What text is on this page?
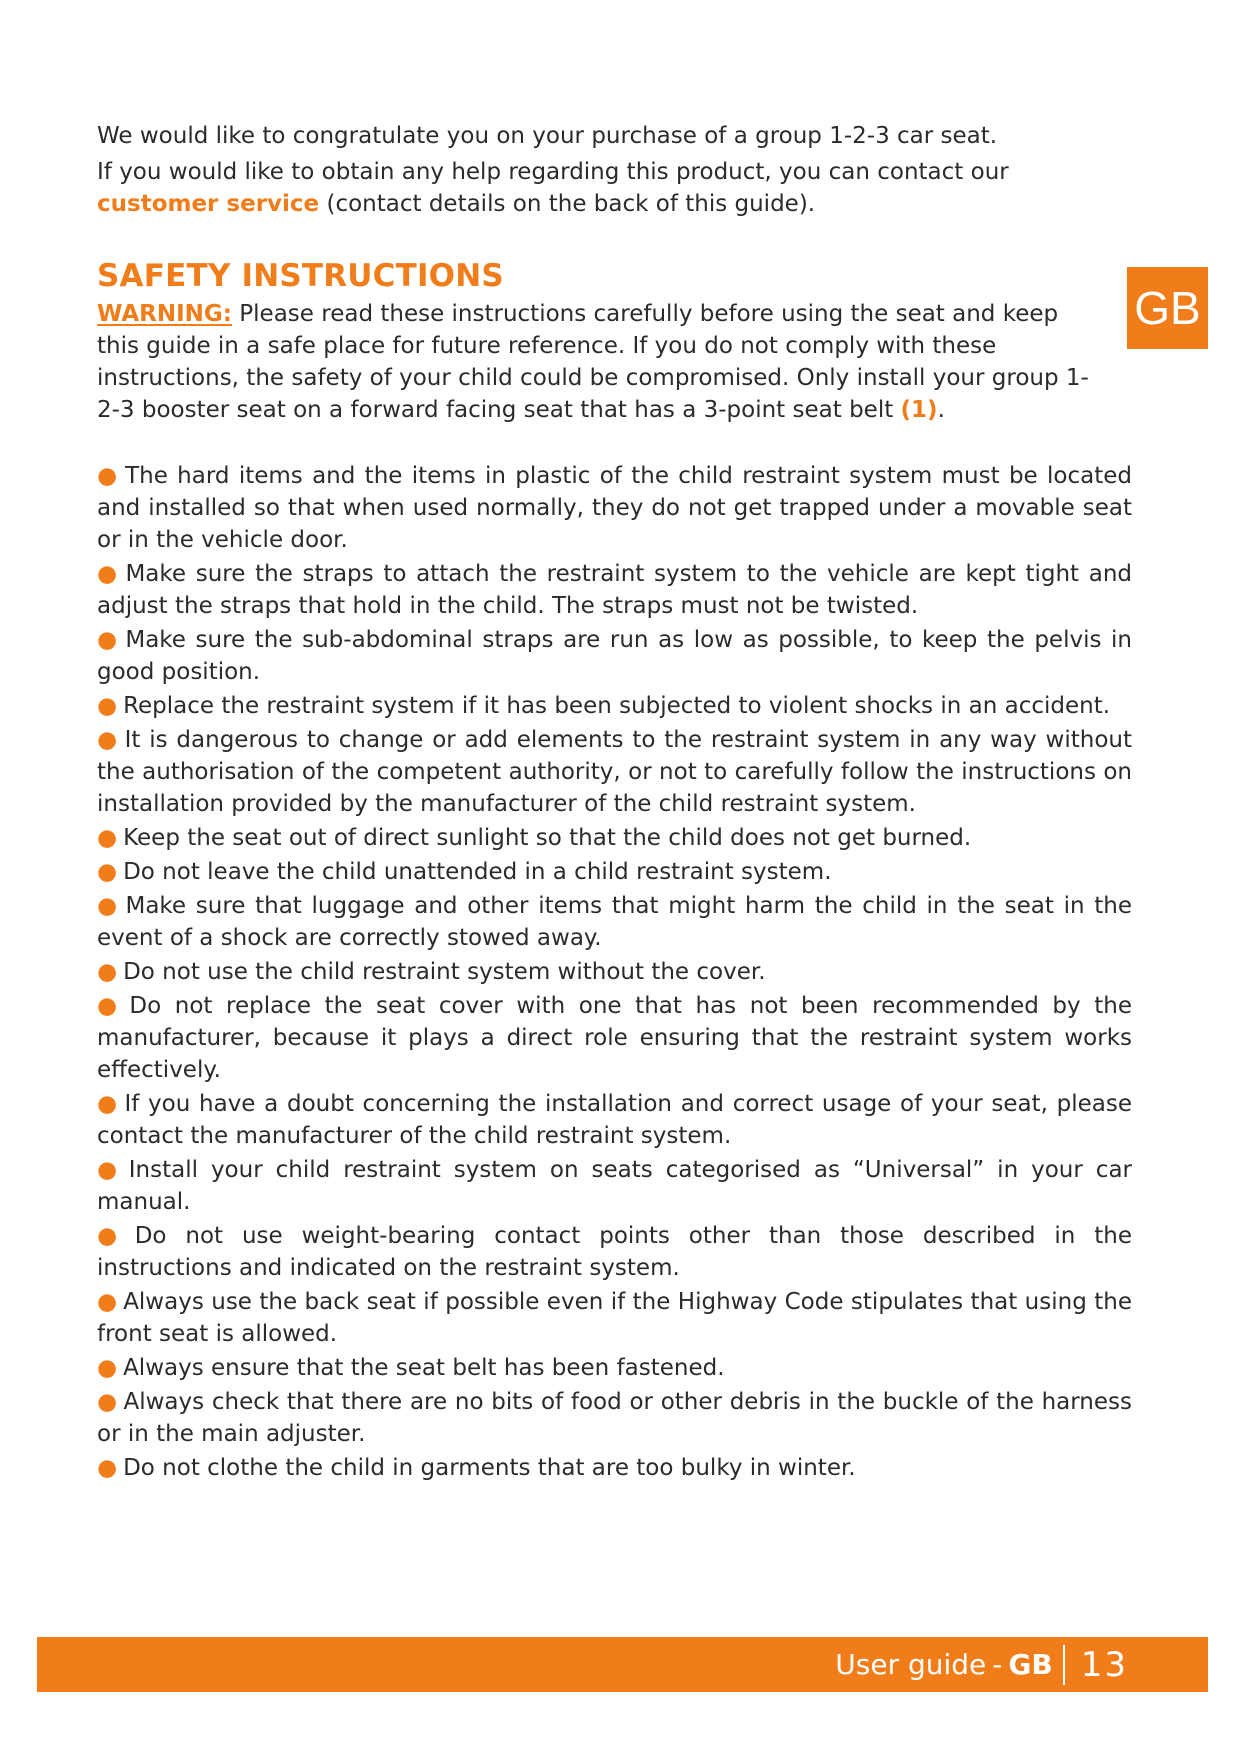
We would like to congratulate you on your purchase of a group 1-2-3 car seat.

If you would like to obtain any help regarding this product, you can contact our customer service (contact details on the back of this guide).

SAFETY INSTRUCTIONS

WARNING: Please read these instructions carefully before using the seat and keep this guide in a safe place for future reference. If you do not comply with these instructions, the safety of your child could be compromised. Only install your group 1-2-3 booster seat on a forward facing seat that has a 3-point seat belt (1).

● The hard items and the items in plastic of the child restraint system must be located and installed so that when used normally, they do not get trapped under a movable seat or in the vehicle door.
● Make sure the straps to attach the restraint system to the vehicle are kept tight and adjust the straps that hold in the child. The straps must not be twisted.
● Make sure the sub-abdominal straps are run as low as possible, to keep the pelvis in good position.
● Replace the restraint system if it has been subjected to violent shocks in an accident.
● It is dangerous to change or add elements to the restraint system in any way without the authorisation of the competent authority, or not to carefully follow the instructions on installation provided by the manufacturer of the child restraint system.
● Keep the seat out of direct sunlight so that the child does not get burned.
● Do not leave the child unattended in a child restraint system.
● Make sure that luggage and other items that might harm the child in the seat in the event of a shock are correctly stowed away.
● Do not use the child restraint system without the cover.
● Do not replace the seat cover with one that has not been recommended by the manufacturer, because it plays a direct role ensuring that the restraint system works effectively.
● If you have a doubt concerning the installation and correct usage of your seat, please contact the manufacturer of the child restraint system.
● Install your child restraint system on seats categorised as “Universal” in your car manual.
● Do not use weight-bearing contact points other than those described in the instructions and indicated on the restraint system.
● Always use the back seat if possible even if the Highway Code stipulates that using the front seat is allowed.
● Always ensure that the seat belt has been fastened.
● Always check that there are no bits of food or other debris in the buckle of the harness or in the main adjuster.
● Do not clothe the child in garments that are too bulky in winter.
GB
User guide - GB 13
